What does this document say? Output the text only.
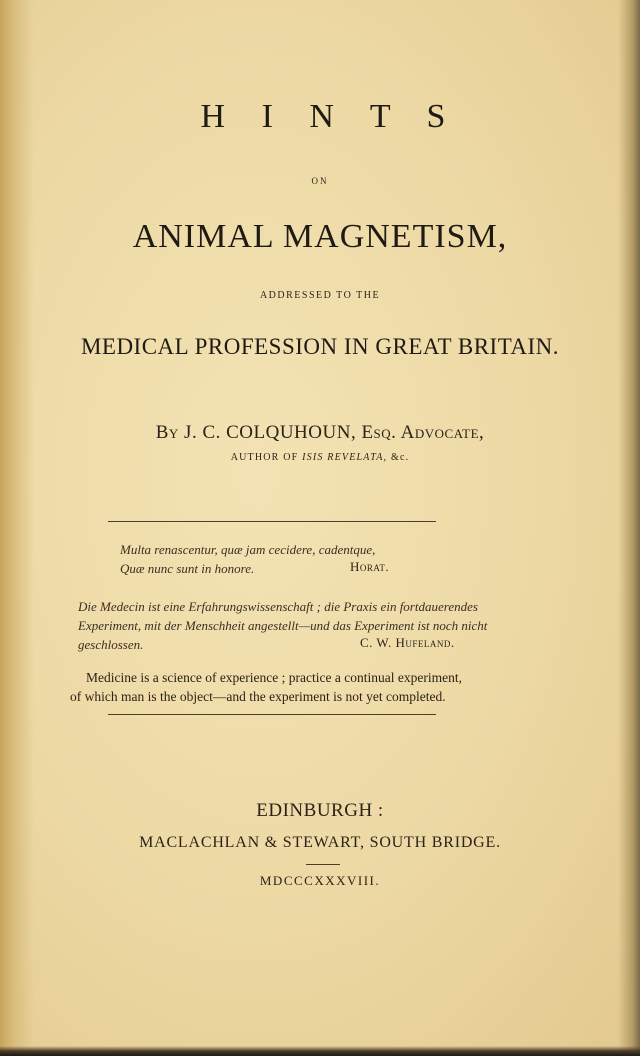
H I N T S
ON
ANIMAL MAGNETISM,
ADDRESSED TO THE
MEDICAL PROFESSION IN GREAT BRITAIN.
By J. C. COLQUHOUN, Esq. Advocate,
AUTHOR OF ISIS REVELATA, &c.
Multa renascentur, quæ jam cecidere, cadentque,
Quæ nunc sunt in honore.	Horat.
Die Medecin ist eine Erfahrungswissenschaft ; die Praxis ein fortdauerendes
Experiment, mit der Menschheit angestellt—und das Experiment ist noch nicht
geschlossen.	C. W. Hufeland.
Medicine is a science of experience ; practice a continual experiment,
of which man is the object—and the experiment is not yet completed.
EDINBURGH :
MACLACHLAN & STEWART, SOUTH BRIDGE.
MDCCCXXXVIII.
